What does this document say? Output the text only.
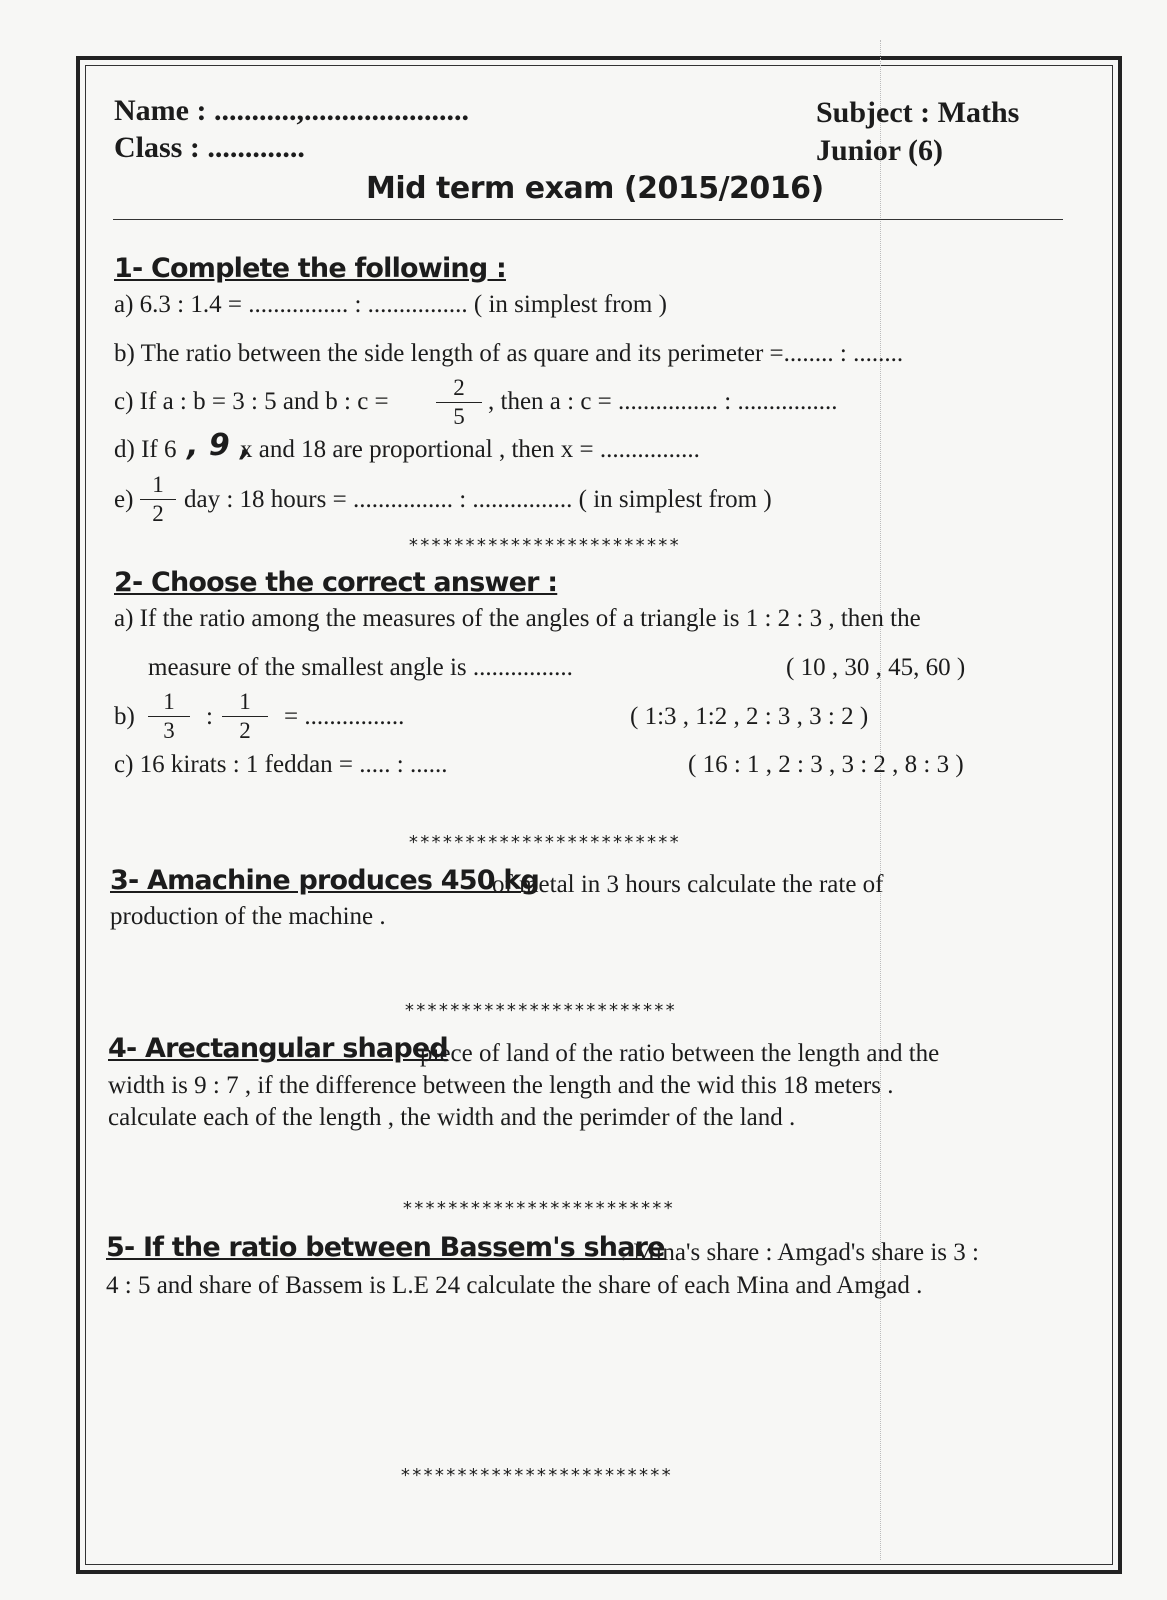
Name : ...........,......................
Class : .............
Subject : Maths
Junior (6)
Mid term exam (2015/2016)
1- Complete the following :
a) 6.3 : 1.4 = ................ : ................ ( in simplest from )
b) The ratio between the side length of as quare and its perimeter =........ : ........
c) If a : b = 3 : 5 and b : c =
2
5
, then a : c = ................ : ................
d) If 6 , 9 ,
x and 18 are proportional , then x = ................
e)
1
2
day : 18 hours = ................ : ................ ( in simplest from )
************************
2- Choose the correct answer :
a) If the ratio among the measures of the angles of a triangle is 1 : 2 : 3 , then the
measure of the smallest angle is ................	( 10 , 30 , 45, 60 )
b)
1
3
:
1
2
= ................	( 1:3 , 1:2 , 2 : 3 , 3 : 2 )
c) 16 kirats : 1 feddan = ..... : ......	( 16 : 1 , 2 : 3 , 3 : 2 , 8 : 3 )
************************
3- Amachine produces 450 kg
of metal in 3 hours calculate the rate of
production of the machine .
************************
4- Arectangular shaped
piece of land of the ratio between the length and the
width is 9 : 7 , if the difference between the length and the wid this 18 meters .
calculate each of the length , the width and the perimder of the land .
************************
5- If the ratio between Bassem's share
: Mina's share : Amgad's share is 3 :
4 : 5 and share of Bassem is L.E 24 calculate the share of each Mina and Amgad .
************************
